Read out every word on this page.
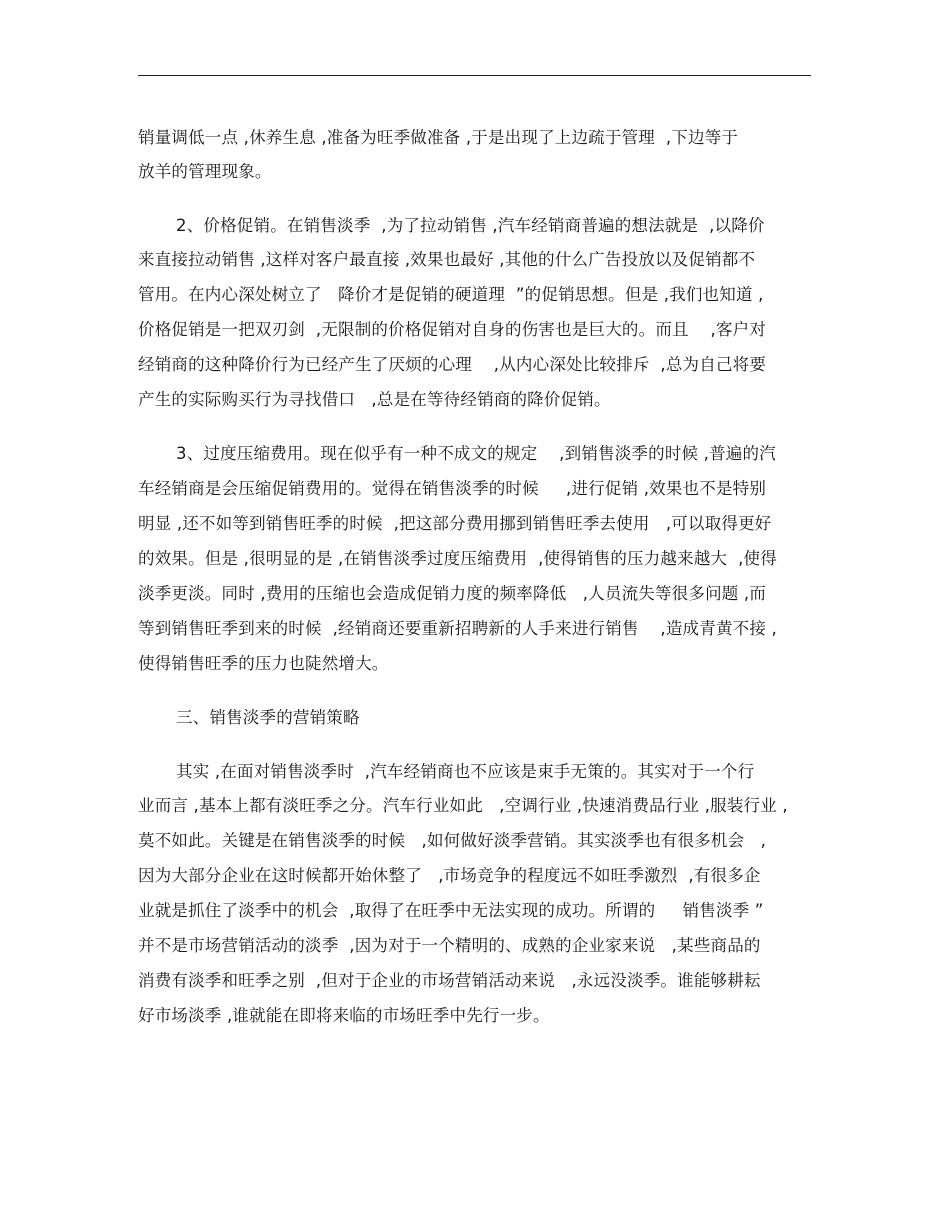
销量调低一点 ,休养生息 ,准备为旺季做准备 ,于是出现了上边疏于管理  ,下边等于
放羊的管理现象。
2、价格促销。在销售淡季  ,为了拉动销售 ,汽车经销商普遍的想法就是  ,以降价
来直接拉动销售 ,这样对客户最直接 ,效果也最好 ,其他的什么广告投放以及促销都不
管用。在内心深处树立了   降价才是促销的硬道理  ”的促销思想。但是 ,我们也知道 ,
价格促销是一把双刃剑  ,无限制的价格促销对自身的伤害也是巨大的。而且    ,客户对
经销商的这种降价行为已经产生了厌烦的心理    ,从内心深处比较排斥  ,总为自己将要
产生的实际购买行为寻找借口   ,总是在等待经销商的降价促销。
3、过度压缩费用。现在似乎有一种不成文的规定    ,到销售淡季的时候 ,普遍的汽
车经销商是会压缩促销费用的。觉得在销售淡季的时候     ,进行促销 ,效果也不是特别
明显 ,还不如等到销售旺季的时候  ,把这部分费用挪到销售旺季去使用   ,可以取得更好
的效果。但是 ,很明显的是 ,在销售淡季过度压缩费用  ,使得销售的压力越来越大  ,使得
淡季更淡。同时 ,费用的压缩也会造成促销力度的频率降低   ,人员流失等很多问题 ,而
等到销售旺季到来的时候  ,经销商还要重新招聘新的人手来进行销售    ,造成青黄不接 ,
使得销售旺季的压力也陡然增大。
三、销售淡季的营销策略
其实 ,在面对销售淡季时  ,汽车经销商也不应该是束手无策的。其实对于一个行
业而言 ,基本上都有淡旺季之分。汽车行业如此   ,空调行业 ,快速消费品行业 ,服装行业 ,
莫不如此。关键是在销售淡季的时候   ,如何做好淡季营销。其实淡季也有很多机会   ,
因为大部分企业在这时候都开始休整了   ,市场竞争的程度远不如旺季激烈  ,有很多企
业就是抓住了淡季中的机会  ,取得了在旺季中无法实现的成功。所谓的     销售淡季 ”
并不是市场营销活动的淡季  ,因为对于一个精明的、成熟的企业家来说   ,某些商品的
消费有淡季和旺季之别  ,但对于企业的市场营销活动来说   ,永远没淡季。谁能够耕耘
好市场淡季 ,谁就能在即将来临的市场旺季中先行一步。
